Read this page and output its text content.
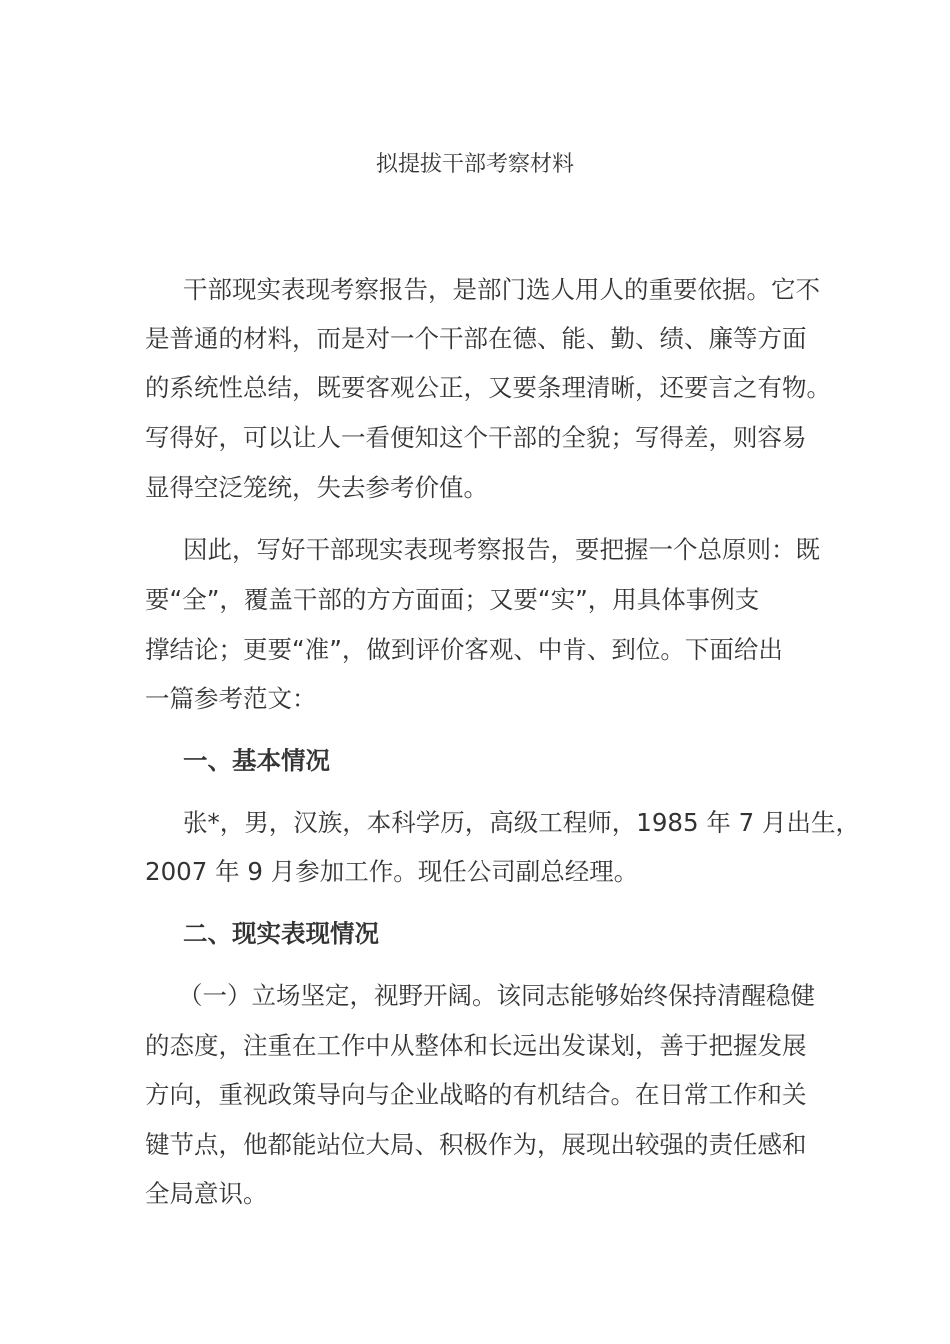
拟提拔干部考察材料
干部现实表现考察报告，是部门选人用人的重要依据。它不
是普通的材料，而是对一个干部在德、能、勤、绩、廉等方面
的系统性总结，既要客观公正，又要条理清晰，还要言之有物。
写得好，可以让人一看便知这个干部的全貌；写得差，则容易
显得空泛笼统，失去参考价值。
因此，写好干部现实表现考察报告，要把握一个总原则：既
要“全”，覆盖干部的方方面面；又要“实”，用具体事例支
撑结论；更要“准”，做到评价客观、中肯、到位。下面给出
一篇参考范文：
一、基本情况
张*，男，汉族，本科学历，高级工程师，1985 年 7 月出生，
2007 年 9 月参加工作。现任公司副总经理。
二、现实表现情况
（一）立场坚定，视野开阔。该同志能够始终保持清醒稳健
的态度，注重在工作中从整体和长远出发谋划，善于把握发展
方向，重视政策导向与企业战略的有机结合。在日常工作和关
键节点，他都能站位大局、积极作为，展现出较强的责任感和
全局意识。
